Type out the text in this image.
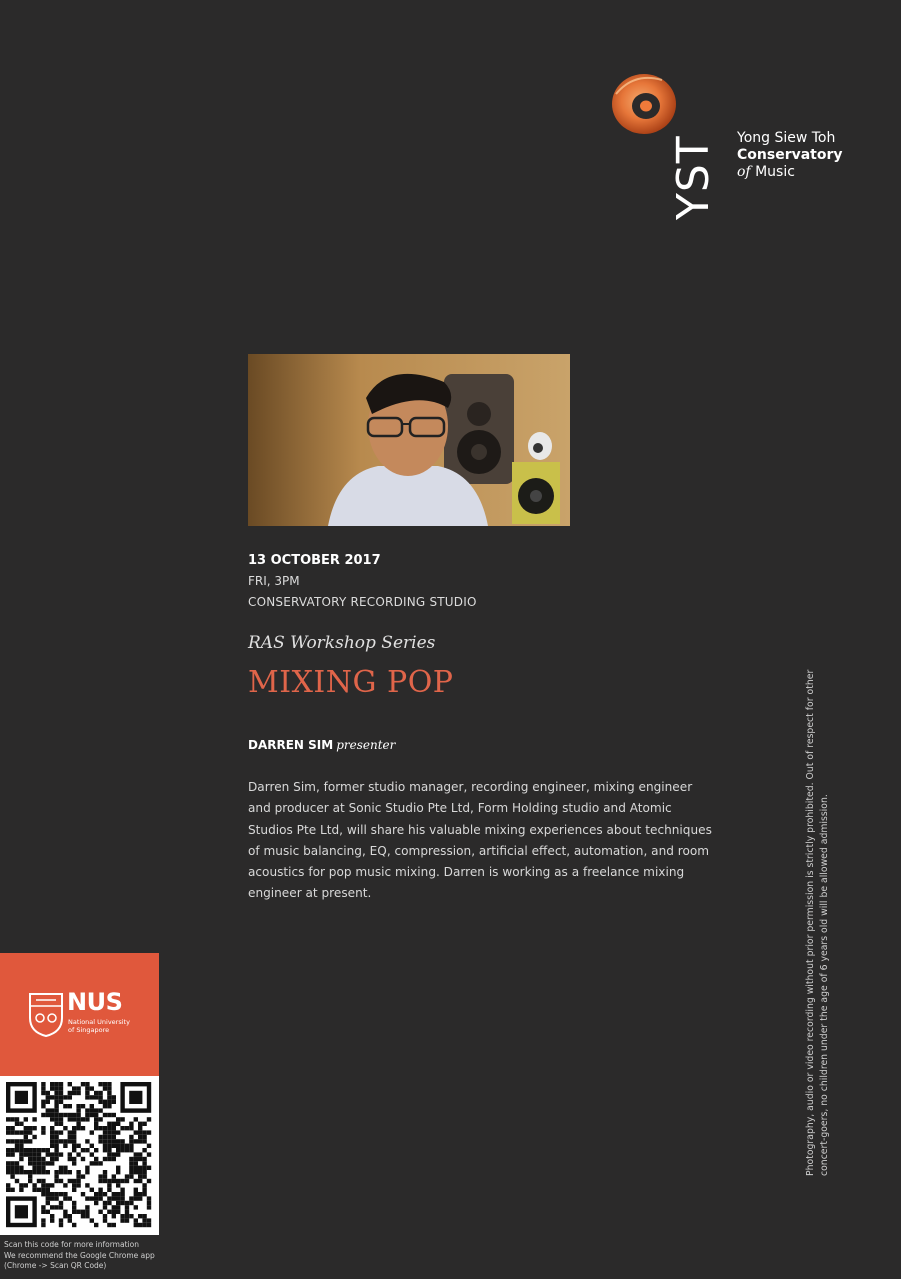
YST Yong Siew Toh
Conservatory
of Music
13 OCTOBER 2017
FRI, 3PM
CONSERVATORY RECORDING STUDIO
RAS Workshop Series
MIXING POP
DARREN SIM presenter
Darren Sim, former studio manager, recording engineer, mixing engineer and producer at Sonic Studio Pte Ltd, Form Holding studio and Atomic Studios Pte Ltd, will share his valuable mixing experiences about techniques of music balancing, EQ, compression, artificial effect, automation, and room acoustics for pop music mixing. Darren is working as a freelance mixing engineer at present.	Photography, audio or video recording without prior permission is strictly prohibited. Out of respect for other concert-goers, no children under the age of 6 years old will be allowed admission.
NUS
National University
of Singapore
Scan this code for more information
We recommend the Google Chrome app
(Chrome -> Scan QR Code)
